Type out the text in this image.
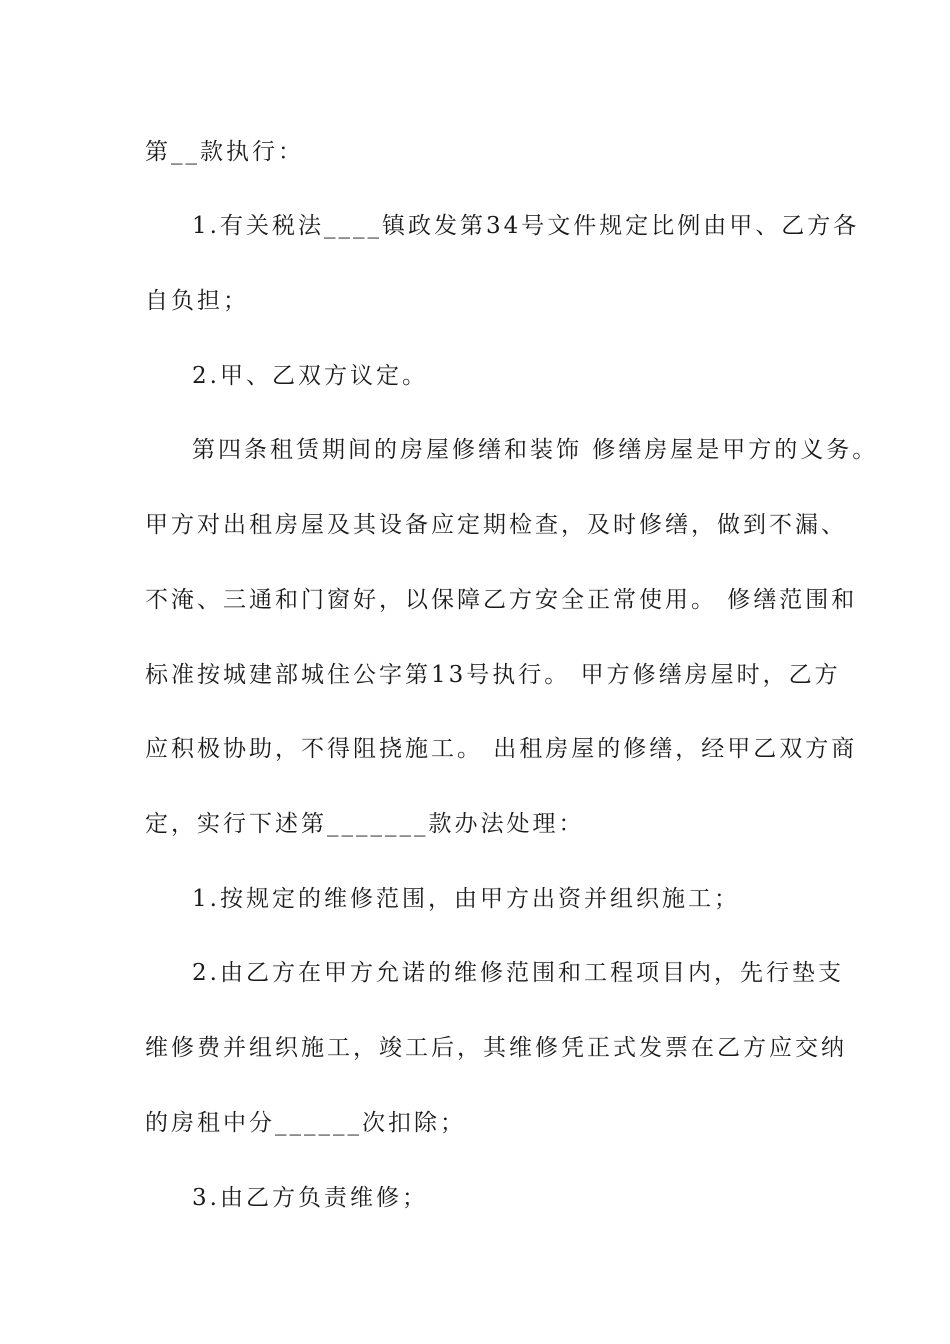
第__款执行：
1.有关税法____镇政发第34号文件规定比例由甲、乙方各
自负担；
2.甲、乙双方议定。
第四条租赁期间的房屋修缮和装饰 修缮房屋是甲方的义务。
甲方对出租房屋及其设备应定期检查，及时修缮，做到不漏、
不淹、三通和门窗好，以保障乙方安全正常使用。 修缮范围和
标准按城建部城住公字第13号执行。 甲方修缮房屋时，乙方
应积极协助，不得阻挠施工。 出租房屋的修缮，经甲乙双方商
定，实行下述第_______款办法处理：
1.按规定的维修范围，由甲方出资并组织施工；
2.由乙方在甲方允诺的维修范围和工程项目内，先行垫支
维修费并组织施工，竣工后，其维修凭正式发票在乙方应交纳
的房租中分______次扣除；
3.由乙方负责维修；
